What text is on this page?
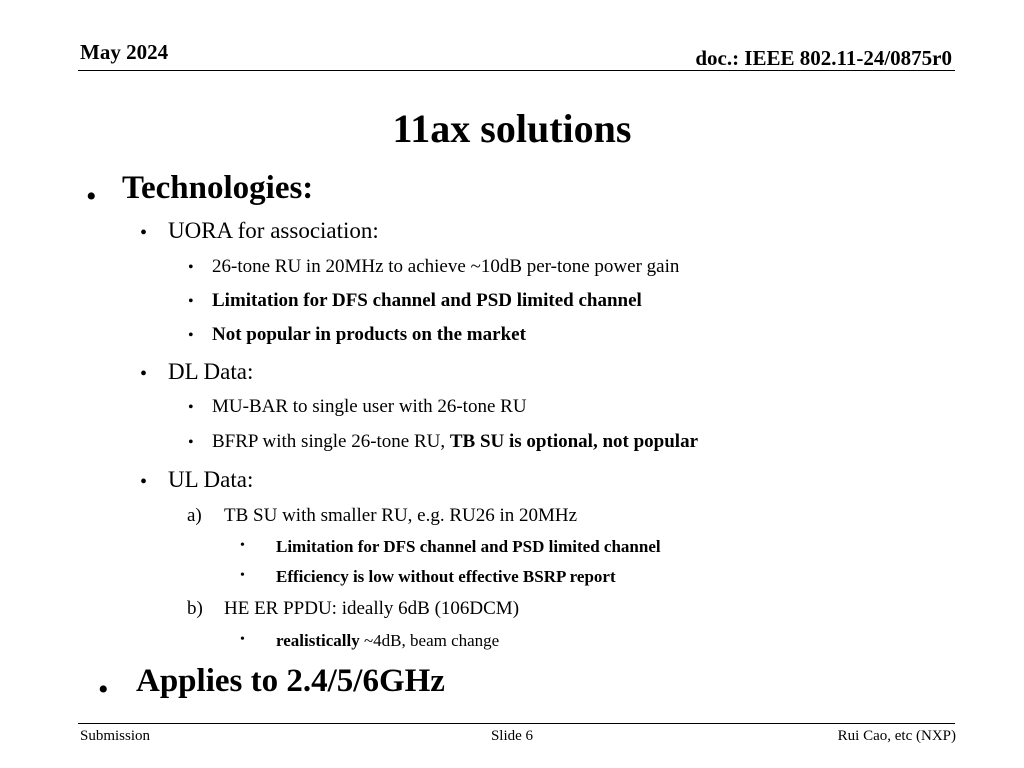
May 2024	doc.: IEEE 802.11-24/0875r0
11ax solutions
• Technologies:
• UORA for association:
• 26-tone RU in 20MHz to achieve ~10dB per-tone power gain
• Limitation for DFS channel and PSD limited channel
• Not popular in products on the market
• DL Data:
• MU-BAR to single user with 26-tone RU
• BFRP with single 26-tone RU, TB SU is optional, not popular
• UL Data:
a) TB SU with smaller RU, e.g. RU26 in 20MHz
• Limitation for DFS channel and PSD limited channel
• Efficiency is low without effective BSRP report
b) HE ER PPDU: ideally 6dB (106DCM)
• realistically ~4dB, beam change
• Applies to 2.4/5/6GHz
Submission	Slide 6	Rui Cao, etc (NXP)
